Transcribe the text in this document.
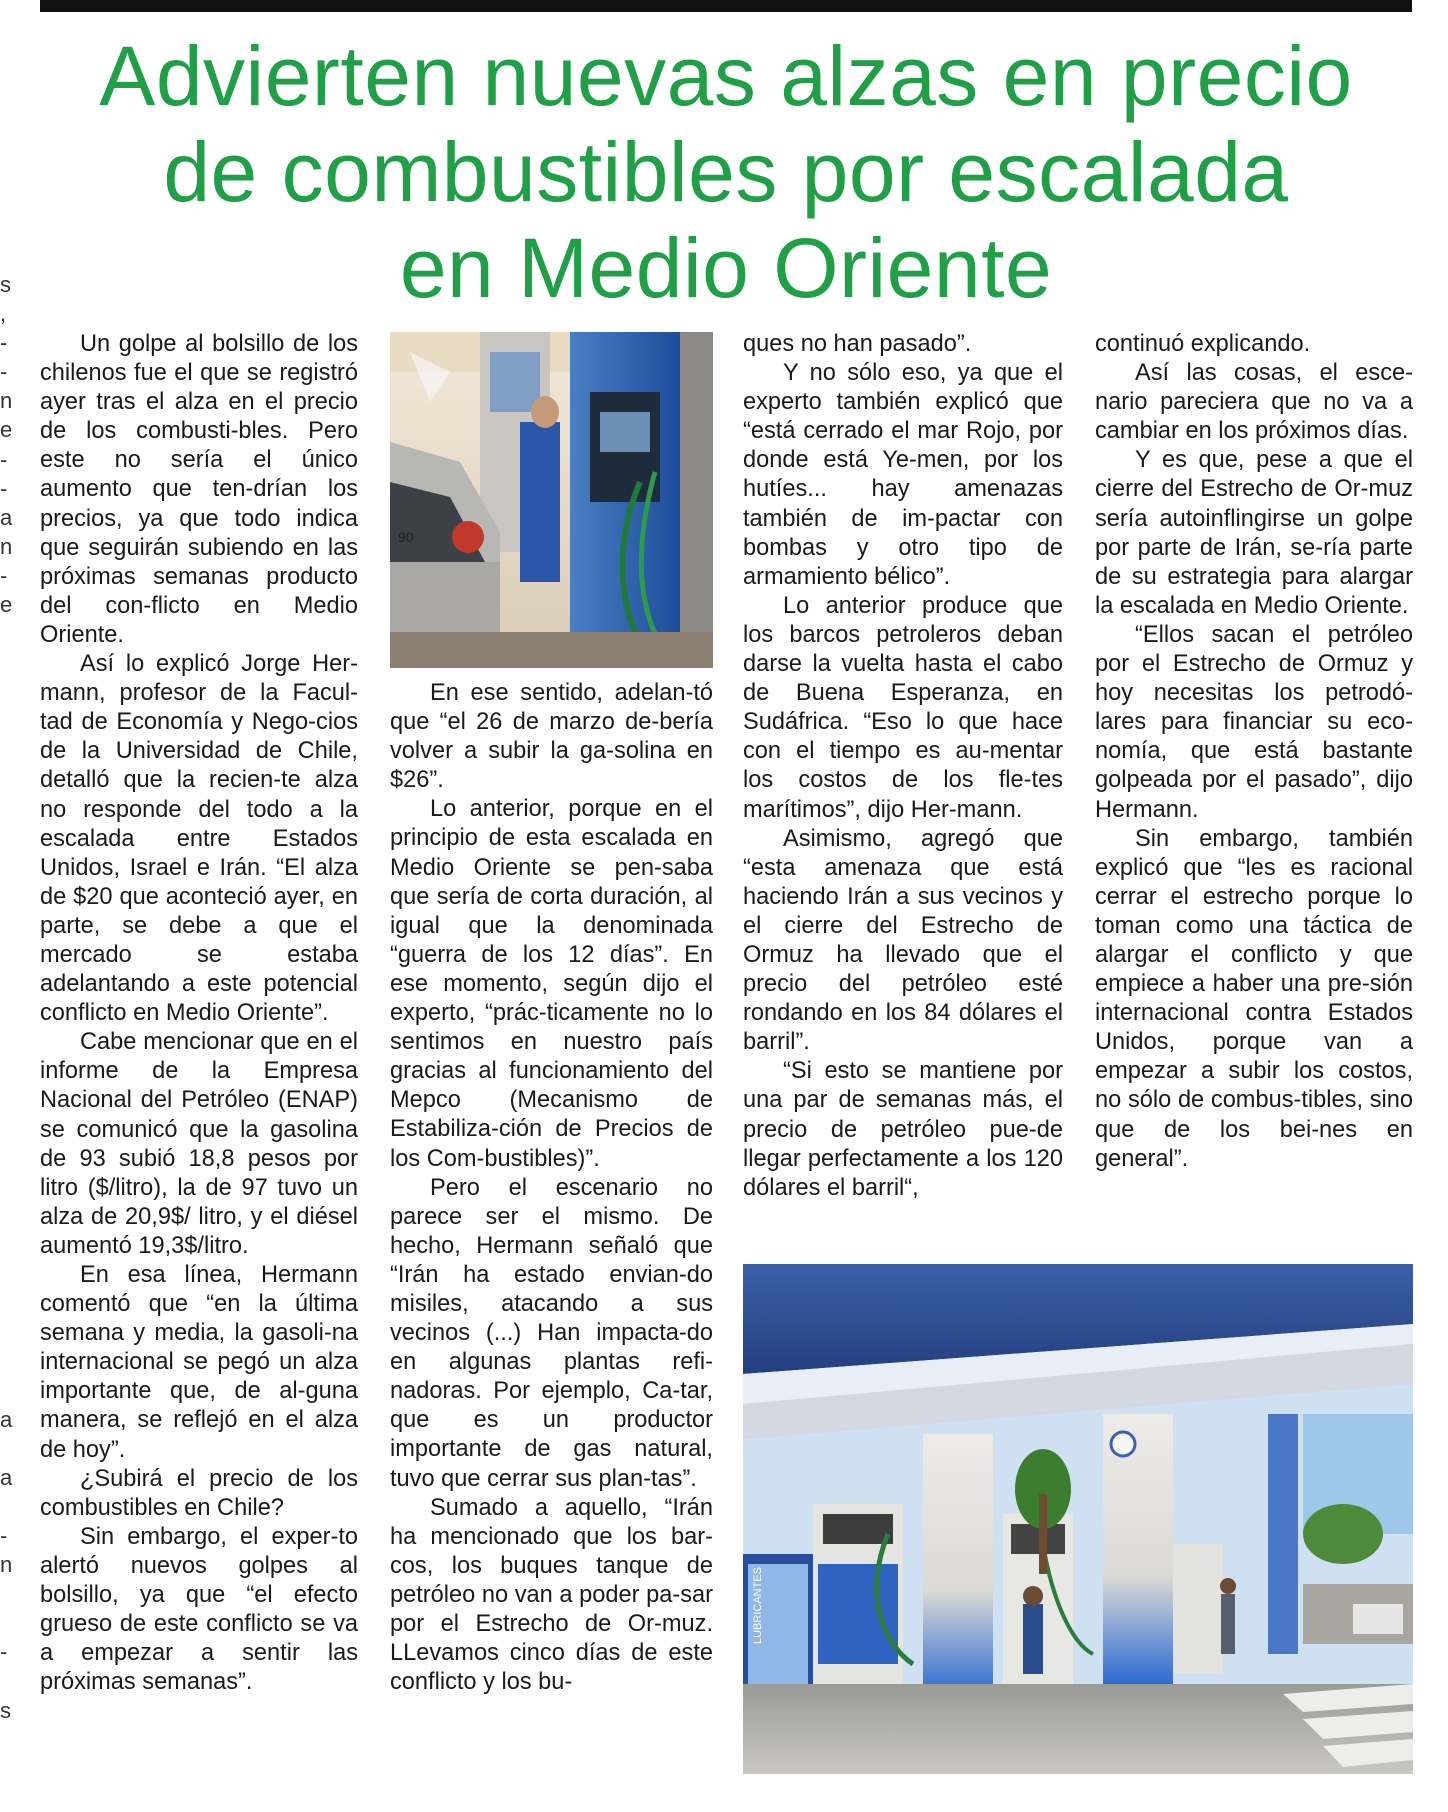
Advierten nuevas alzas en precio
de combustibles por escalada
en Medio Oriente
s
,
-
-
n
e
-
-
a
n
-
e
a
a
-
n
-
s

Un golpe al bolsillo de los chilenos fue el que se registró ayer tras el alza en el precio de los combusti-bles. Pero este no sería el único aumento que ten-drían los precios, ya que todo indica que seguirán subiendo en las próximas semanas producto del con-flicto en Medio Oriente.

Así lo explicó Jorge Her-mann, profesor de la Facul-tad de Economía y Nego-cios de la Universidad de Chile, detalló que la recien-te alza no responde del todo a la escalada entre Estados Unidos, Israel e Irán. “El alza de $20 que aconteció ayer, en parte, se debe a que el mercado se estaba adelantando a este potencial conflicto en Medio Oriente”.

Cabe mencionar que en el informe de la Empresa Nacional del Petróleo (ENAP) se comunicó que la gasolina de 93 subió 18,8 pesos por litro ($/litro), la de 97 tuvo un alza de 20,9$/ litro, y el diésel aumentó 19,3$/litro.

En esa línea, Hermann comentó que “en la última semana y media, la gasoli-na internacional se pegó un alza importante que, de al-guna manera, se reflejó en el alza de hoy”.

¿Subirá el precio de los combustibles en Chile?

Sin embargo, el exper-to alertó nuevos golpes al bolsillo, ya que “el efecto grueso de este conflicto se va a empezar a sentir las próximas semanas”.

90

En ese sentido, adelan-tó que “el 26 de marzo de-bería volver a subir la ga-solina en $26”.

Lo anterior, porque en el principio de esta escalada en Medio Oriente se pen-saba que sería de corta duración, al igual que la denominada “guerra de los 12 días”. En ese momento, según dijo el experto, “prác-ticamente no lo sentimos en nuestro país gracias al funcionamiento del Mepco (Mecanismo de Estabiliza-ción de Precios de los Com-bustibles)”.

Pero el escenario no parece ser el mismo. De hecho, Hermann señaló que “Irán ha estado envian-do misiles, atacando a sus vecinos (...) Han impacta-do en algunas plantas refi-nadoras. Por ejemplo, Ca-tar, que es un productor importante de gas natural, tuvo que cerrar sus plan-tas”.

Sumado a aquello, “Irán ha mencionado que los bar-cos, los buques tanque de petróleo no van a poder pa-sar por el Estrecho de Or-muz. LLevamos cinco días de este conflicto y los bu-

ques no han pasado”.

Y no sólo eso, ya que el experto también explicó que “está cerrado el mar Rojo, por donde está Ye-men, por los hutíes... hay amenazas también de im-pactar con bombas y otro tipo de armamiento bélico”.

Lo anterior produce que los barcos petroleros deban darse la vuelta hasta el cabo de Buena Esperanza, en Sudáfrica. “Eso lo que hace con el tiempo es au-mentar los costos de los fle-tes marítimos”, dijo Her-mann.

Asimismo, agregó que “esta amenaza que está haciendo Irán a sus vecinos y el cierre del Estrecho de Ormuz ha llevado que el precio del petróleo esté rondando en los 84 dólares el barril”.

“Si esto se mantiene por una par de semanas más, el precio de petróleo pue-de llegar perfectamente a los 120 dólares el barril“,

continuó explicando.

Así las cosas, el esce-nario pareciera que no va a cambiar en los próximos días.

Y es que, pese a que el cierre del Estrecho de Or-muz sería autoinflingirse un golpe por parte de Irán, se-ría parte de su estrategia para alargar la escalada en Medio Oriente.

“Ellos sacan el petróleo por el Estrecho de Ormuz y hoy necesitas los petrodó-lares para financiar su eco-nomía, que está bastante golpeada por el pasado”, dijo Hermann.

Sin embargo, también explicó que “les es racional cerrar el estrecho porque lo toman como una táctica de alargar el conflicto y que empiece a haber una pre-sión internacional contra Estados Unidos, porque van a empezar a subir los costos, no sólo de combus-tibles, sino que de los bei-nes en general”.

LUBRICANTES
